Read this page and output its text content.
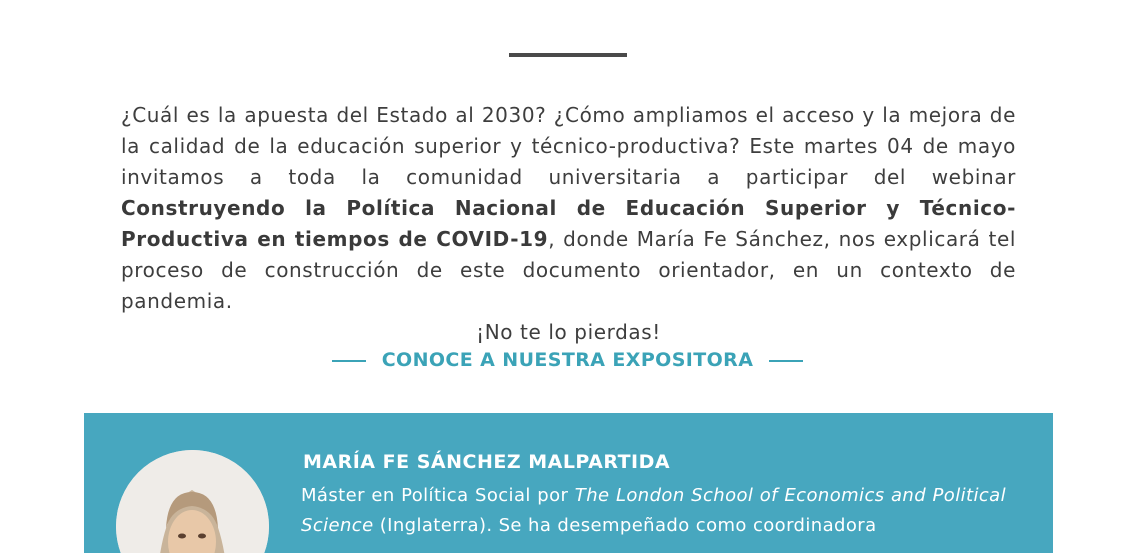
¿Cuál es la apuesta del Estado al 2030? ¿Cómo ampliamos el acceso y la mejora de la calidad de la educación superior y técnico-productiva? Este martes 04 de mayo invitamos a toda la comunidad universitaria a participar del webinar Construyendo la Política Nacional de Educación Superior y Técnico-Productiva en tiempos de COVID-19, donde María Fe Sánchez, nos explicará tel proceso de construcción de este documento orientador, en un contexto de pandemia.
¡No te lo pierdas!
CONOCE A NUESTRA EXPOSITORA
MARÍA FE SÁNCHEZ MALPARTIDA
Máster en Política Social por The London School of Economics and Political Science (Inglaterra). Se ha desempeñado como coordinadora
